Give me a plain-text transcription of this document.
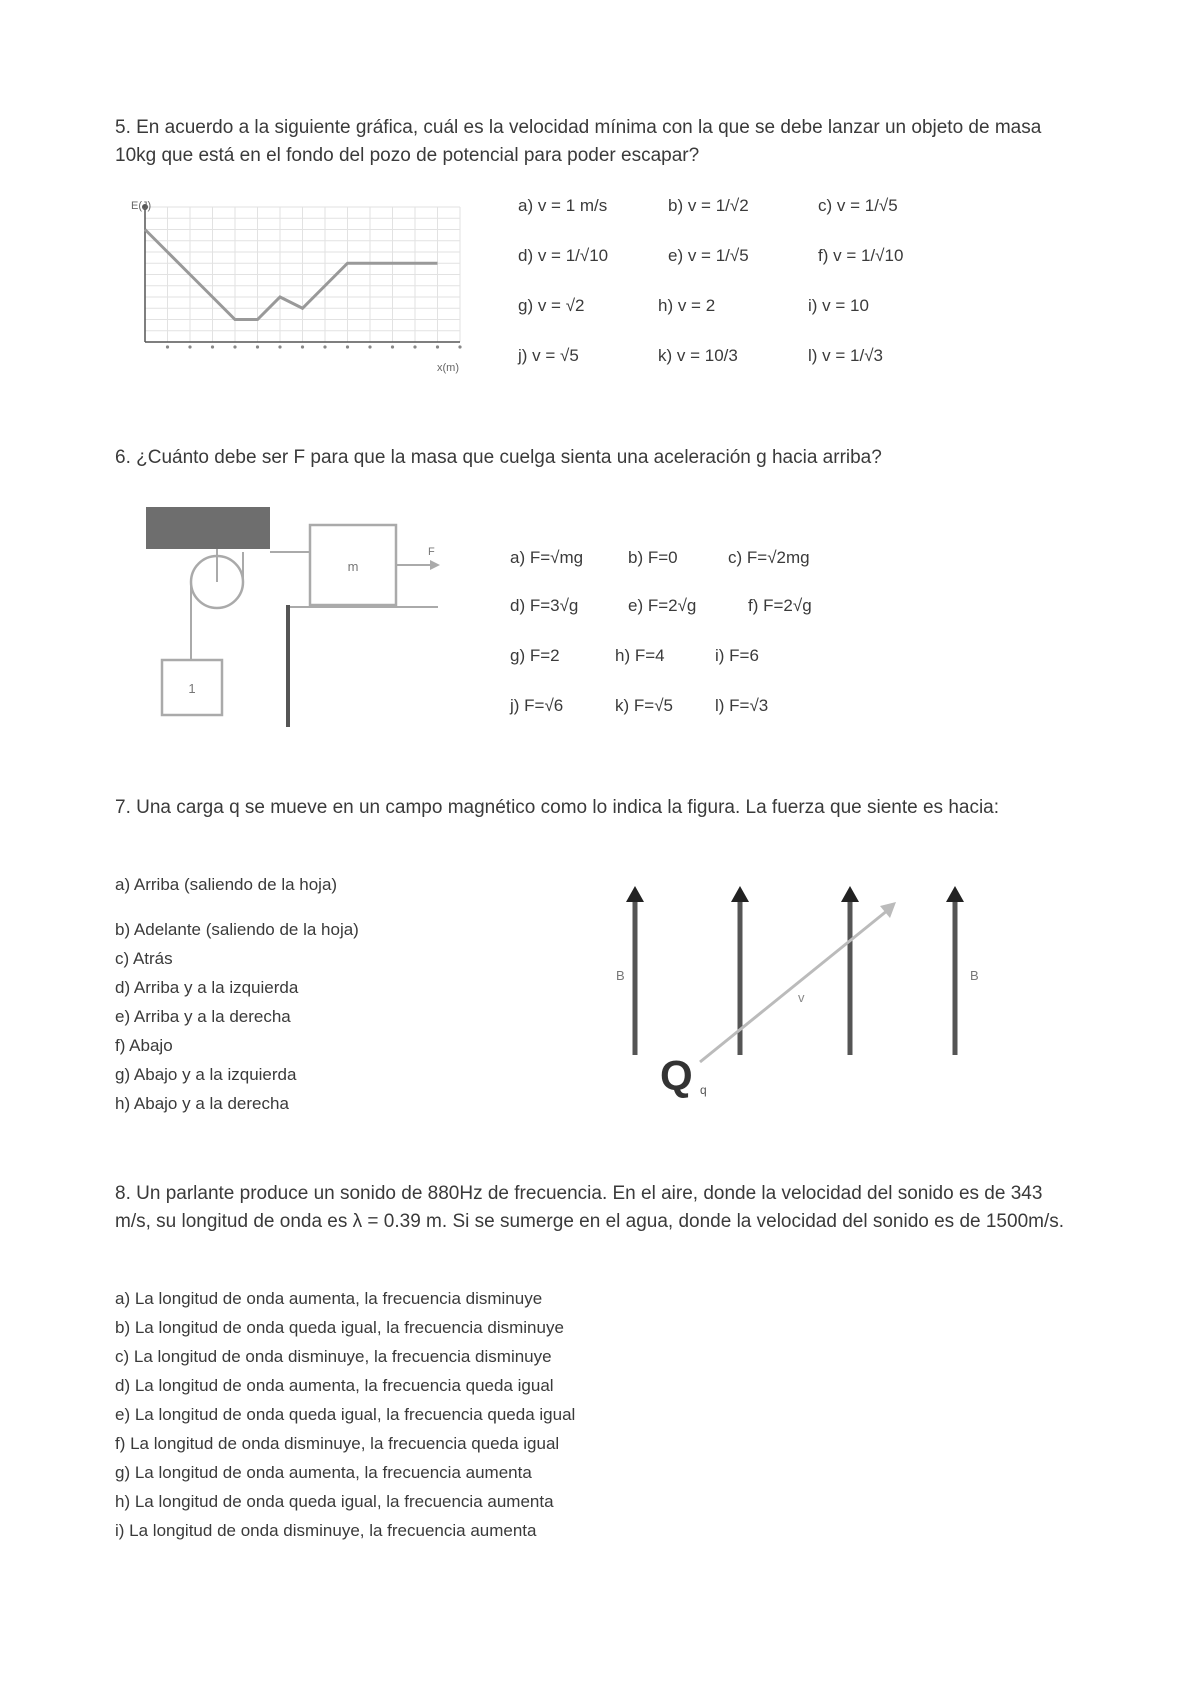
5. En acuerdo a la siguiente gráfica, cuál es la velocidad mínima con la que se debe lanzar un objeto de masa 10kg que está en el fondo del pozo de potencial para poder escapar?
E(J)
x(m)
a) v = 1 m/s	b) v = 1/√2	c) v = 1/√5
d) v = 1/√10	e) v = 1/√5	f) v = 1/√10
g) v = √2	h) v = 2	i) v = 10
j) v = √5	k) v = 10/3	l) v = 1/√3
6. ¿Cuánto debe ser F para que la masa que cuelga sienta una aceleración g hacia arriba?
1
m
F	a) F=√mg	b) F=0	c) F=√2mg
d) F=3√g	e) F=2√g	f) F=2√g
g) F=2	h) F=4	i) F=6
j) F=√6	k) F=√5 l) F=√3
7. Una carga q se mueve en un campo magnético como lo indica la figura. La fuerza que siente es hacia:
a) Arriba (saliendo de la hoja)
b) Adelante (saliendo de la hoja)
c) Atrás
d) Arriba y a la izquierda
e) Arriba y a la derecha
f) Abajo
g) Abajo y a la izquierda
h) Abajo y a la derecha
B	B
v
Q q
8. Un parlante produce un sonido de 880Hz de frecuencia. En el aire, donde la velocidad del sonido es de 343 m/s, su longitud de onda es λ = 0.39 m. Si se sumerge en el agua, donde la velocidad del sonido es de 1500m/s.
a) La longitud de onda aumenta, la frecuencia disminuye
b) La longitud de onda queda igual, la frecuencia disminuye
c) La longitud de onda disminuye, la frecuencia disminuye
d) La longitud de onda aumenta, la frecuencia queda igual
e) La longitud de onda queda igual, la frecuencia queda igual
f) La longitud de onda disminuye, la frecuencia queda igual
g) La longitud de onda aumenta, la frecuencia aumenta
h) La longitud de onda queda igual, la frecuencia aumenta
i) La longitud de onda disminuye, la frecuencia aumenta
